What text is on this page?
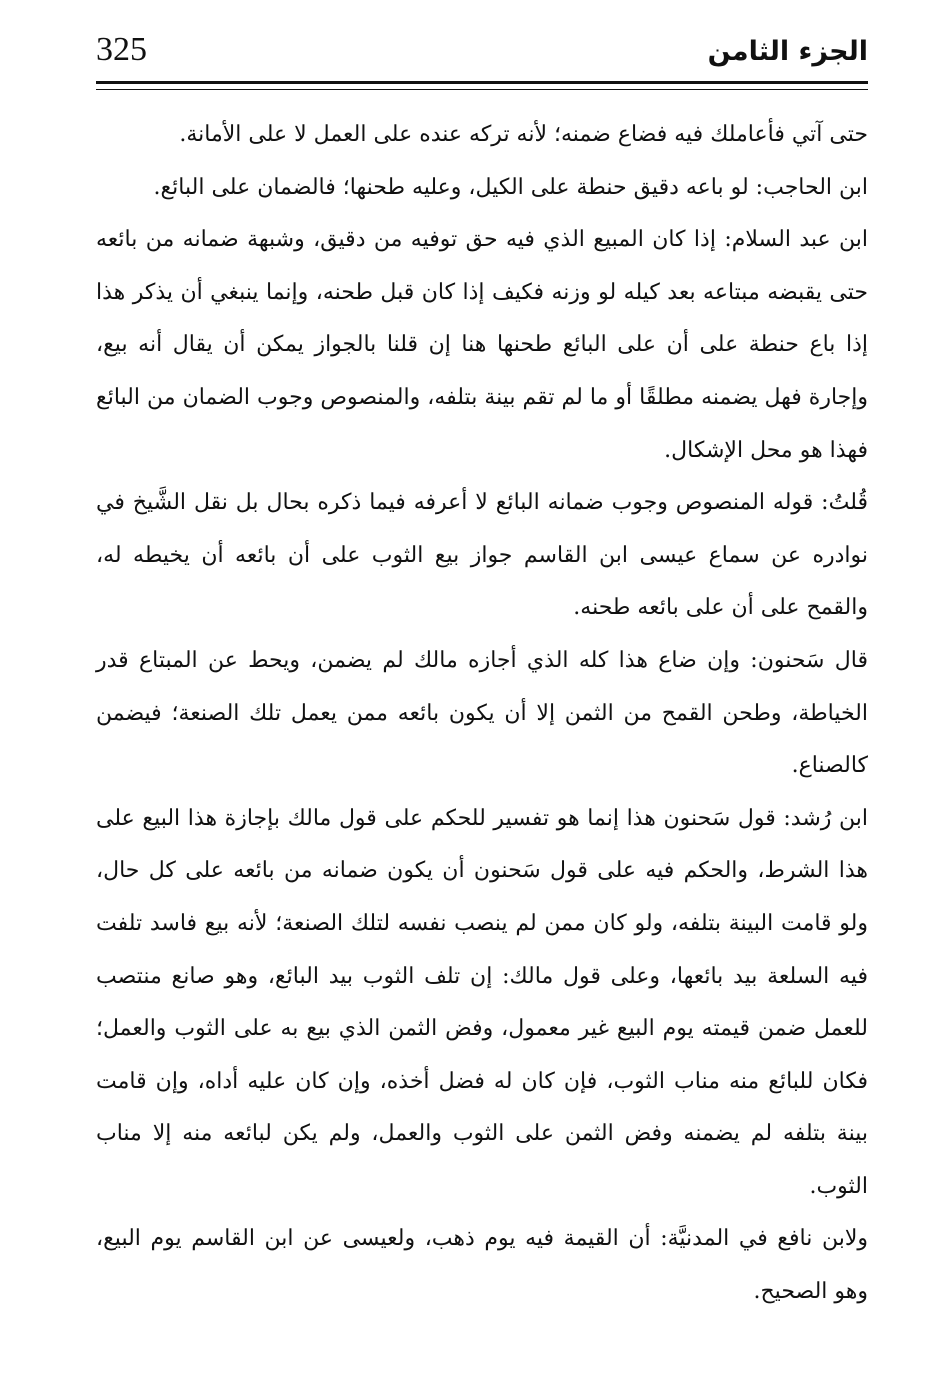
325	الجزء الثامن

حتى آتي فأعاملك فيه فضاع ضمنه؛ لأنه تركه عنده على العمل لا على الأمانة.

ابن الحاجب: لو باعه دقيق حنطة على الكيل، وعليه طحنها؛ فالضمان على البائع.

ابن عبد السلام: إذا كان المبيع الذي فيه حق توفيه من دقيق، وشبهة ضمانه من بائعه حتى يقبضه مبتاعه بعد كيله لو وزنه فكيف إذا كان قبل طحنه، وإنما ينبغي أن يذكر هذا إذا باع حنطة على أن على البائع طحنها هنا إن قلنا بالجواز يمكن أن يقال أنه بيع، وإجارة فهل يضمنه مطلقًا أو ما لم تقم بينة بتلفه، والمنصوص وجوب الضمان من البائع فهذا هو محل الإشكال.

قُلتُ: قوله المنصوص وجوب ضمانه البائع لا أعرفه فيما ذكره بحال بل نقل الشَّيخ في نوادره عن سماع عيسى ابن القاسم جواز بيع الثوب على أن بائعه أن يخيطه له، والقمح على أن على بائعه طحنه.

قال سَحنون: وإن ضاع هذا كله الذي أجازه مالك لم يضمن، ويحط عن المبتاع قدر الخياطة، وطحن القمح من الثمن إلا أن يكون بائعه ممن يعمل تلك الصنعة؛ فيضمن كالصناع.

ابن رُشد: قول سَحنون هذا إنما هو تفسير للحكم على قول مالك بإجازة هذا البيع على هذا الشرط، والحكم فيه على قول سَحنون أن يكون ضمانه من بائعه على كل حال، ولو قامت البينة بتلفه، ولو كان ممن لم ينصب نفسه لتلك الصنعة؛ لأنه بيع فاسد تلفت فيه السلعة بيد بائعها، وعلى قول مالك: إن تلف الثوب بيد البائع، وهو صانع منتصب للعمل ضمن قيمته يوم البيع غير معمول، وفض الثمن الذي بيع به على الثوب والعمل؛ فكان للبائع منه مناب الثوب، فإن كان له فضل أخذه، وإن كان عليه أداه، وإن قامت بينة بتلفه لم يضمنه وفض الثمن على الثوب والعمل، ولم يكن لبائعه منه إلا مناب الثوب.

ولابن نافع في المدنيَّة: أن القيمة فيه يوم ذهب، ولعيسى عن ابن القاسم يوم البيع، وهو الصحيح.
